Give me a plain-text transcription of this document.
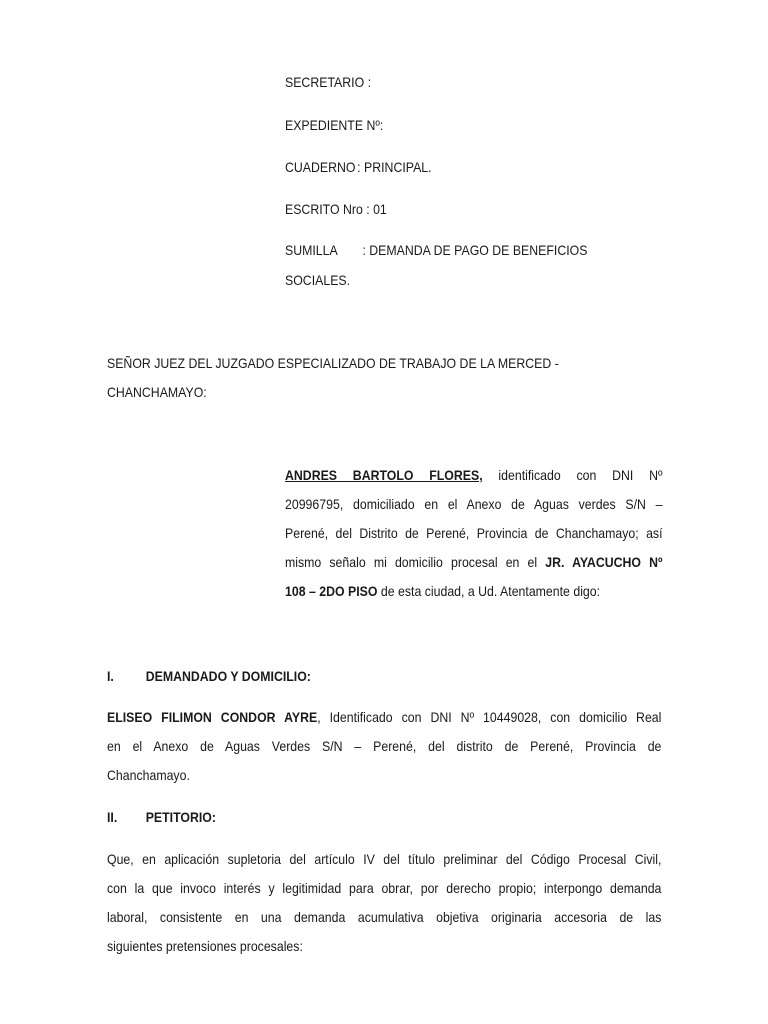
SECRETARIO :
EXPEDIENTE Nº:
CUADERNO : PRINCIPAL.
ESCRITO Nro : 01
SUMILLA : DEMANDA DE PAGO DE BENEFICIOS
SOCIALES.
SEÑOR JUEZ DEL JUZGADO ESPECIALIZADO DE TRABAJO DE LA MERCED -
CHANCHAMAYO:
ANDRES BARTOLO FLORES, identificado con DNI Nº
20996795, domiciliado en el Anexo de Aguas verdes S/N –
Perené, del Distrito de Perené, Provincia de Chanchamayo; así
mismo señalo mi domicilio procesal en el JR. AYACUCHO Nº
108 – 2DO PISO de esta ciudad, a Ud. Atentamente digo:
I. DEMANDADO Y DOMICILIO:
ELISEO FILIMON CONDOR AYRE, Identificado con DNI Nº 10449028, con domicilio Real
en el Anexo de Aguas Verdes S/N – Perené, del distrito de Perené, Provincia de
Chanchamayo.
II. PETITORIO:
Que, en aplicación supletoria del artículo IV del título preliminar del Código Procesal Civil,
con la que invoco interés y legitimidad para obrar, por derecho propio; interpongo demanda
laboral, consistente en una demanda acumulativa objetiva originaria accesoria de las
siguientes pretensiones procesales:
